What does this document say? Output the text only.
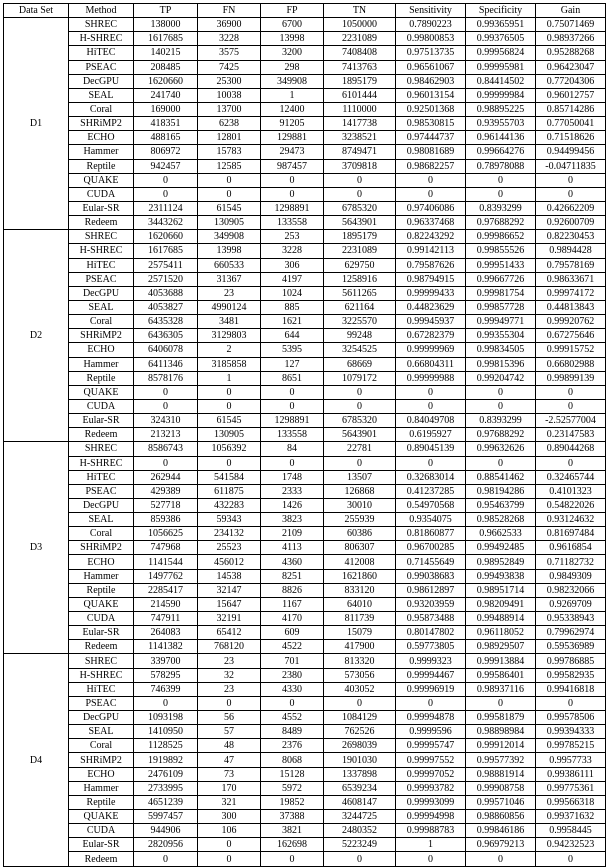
Data Set	Method	TP	FN	FP	TN	Sensitivity	Specificity	Gain
D1	SHREC	138000	36900	6700	1050000	0.7890223	0.99365951	0.75071469
	H-SHREC	1617685	3228	13998	2231089	0.99800853	0.99376505	0.98937266
	HiTEC	140215	3575	3200	7408408	0.97513735	0.99956824	0.95288268
	PSEAC	208485	7425	298	7413763	0.96561067	0.99995981	0.96423047
	DecGPU	1620660	25300	349908	1895179	0.98462903	0.84414502	0.77204306
	SEAL	241740	10038	1	6101444	0.96013154	0.99999984	0.96012757
	Coral	169000	13700	12400	1110000	0.92501368	0.98895225	0.85714286
	SHRiMP2	418351	6238	91205	1417738	0.98530815	0.93955703	0.77050041
	ECHO	488165	12801	129881	3238521	0.97444737	0.96144136	0.71518626
	Hammer	806972	15783	29473	8749471	0.98081689	0.99664276	0.94499456
	Reptile	942457	12585	987457	3709818	0.98682257	0.78978088	-0.04711835
	QUAKE	0	0	0	0	0	0	0
	CUDA	0	0	0	0	0	0	0
	Eular-SR	2311124	61545	1298891	6785320	0.97406086	0.8393299	0.42662209
	Redeem	3443262	130905	133558	5643901	0.96337468	0.97688292	0.92600709
D2	SHREC	1620660	349908	253	1895179	0.82243292	0.99986652	0.82230453
	H-SHREC	1617685	13998	3228	2231089	0.99142113	0.99855526	0.9894428
	HiTEC	2575411	660533	306	629750	0.79587626	0.99951433	0.79578169
	PSEAC	2571520	31367	4197	1258916	0.98794915	0.99667726	0.98633671
	DecGPU	4053688	23	1024	5611265	0.99999433	0.99981754	0.99974172
	SEAL	4053827	4990124	885	621164	0.44823629	0.99857728	0.44813843
	Coral	6435328	3481	1621	3225570	0.99945937	0.99949771	0.99920762
	SHRiMP2	6436305	3129803	644	99248	0.67282379	0.99355304	0.67275646
	ECHO	6406078	2	5395	3254525	0.99999969	0.99834505	0.99915752
	Hammer	6411346	3185858	127	68669	0.66804311	0.99815396	0.66802988
	Reptile	8578176	1	8651	1079172	0.99999988	0.99204742	0.99899139
	QUAKE	0	0	0	0	0	0	0
	CUDA	0	0	0	0	0	0	0
	Eular-SR	324310	61545	1298891	6785320	0.84049708	0.8393299	-2.52577004
	Redeem	213213	130905	133558	5643901	0.6195927	0.97688292	0.23147583
D3	SHREC	8586743	1056392	84	22781	0.89045139	0.99632626	0.89044268
	H-SHREC	0	0	0	0	0	0	0
	HiTEC	262944	541584	1748	13507	0.32683014	0.88541462	0.32465744
	PSEAC	429389	611875	2333	126868	0.41237285	0.98194286	0.4101323
	DecGPU	527718	432283	1426	30010	0.54970568	0.95463799	0.54822026
	SEAL	859386	59343	3823	255939	0.9354075	0.98528268	0.93124632
	Coral	1056625	234132	2109	60386	0.81860877	0.9662533	0.81697484
	SHRiMP2	747968	25523	4113	806307	0.96700285	0.99492485	0.9616854
	ECHO	1141544	456012	4360	412008	0.71455649	0.98952849	0.71182732
	Hammer	1497762	14538	8251	1621860	0.99038683	0.99493838	0.9849309
	Reptile	2285417	32147	8826	833120	0.98612897	0.98951714	0.98232066
	QUAKE	214590	15647	1167	64010	0.93203959	0.98209491	0.9269709
	CUDA	747911	32191	4170	811739	0.95873488	0.99488914	0.95338943
	Eular-SR	264083	65412	609	15079	0.80147802	0.96118052	0.79962974
	Redeem	1141382	768120	4522	417900	0.59773805	0.98929507	0.59536989
D4	SHREC	339700	23	701	813320	0.9999323	0.99913884	0.99786885
	H-SHREC	578295	32	2380	573056	0.99994467	0.99586401	0.99582935
	HiTEC	746399	23	4330	403052	0.99996919	0.98937116	0.99416818
	PSEAC	0	0	0	0	0	0	0
	DecGPU	1093198	56	4552	1084129	0.99994878	0.99581879	0.99578506
	SEAL	1410950	57	8489	762526	0.9999596	0.98898984	0.99394333
	Coral	1128525	48	2376	2698039	0.99995747	0.99912014	0.99785215
	SHRiMP2	1919892	47	8068	1901030	0.99997552	0.99577392	0.9957733
	ECHO	2476109	73	15128	1337898	0.99997052	0.98881914	0.99386111
	Hammer	2733995	170	5972	6539234	0.99993782	0.99908758	0.99775361
	Reptile	4651239	321	19852	4608147	0.99993099	0.99571046	0.99566318
	QUAKE	5997457	300	37388	3244725	0.99994998	0.98860856	0.99371632
	CUDA	944906	106	3821	2480352	0.99988783	0.99846186	0.9958445
	Eular-SR	2820956	0	162698	5223249	1	0.96979213	0.94232523
	Redeem	0	0	0	0	0	0	0
